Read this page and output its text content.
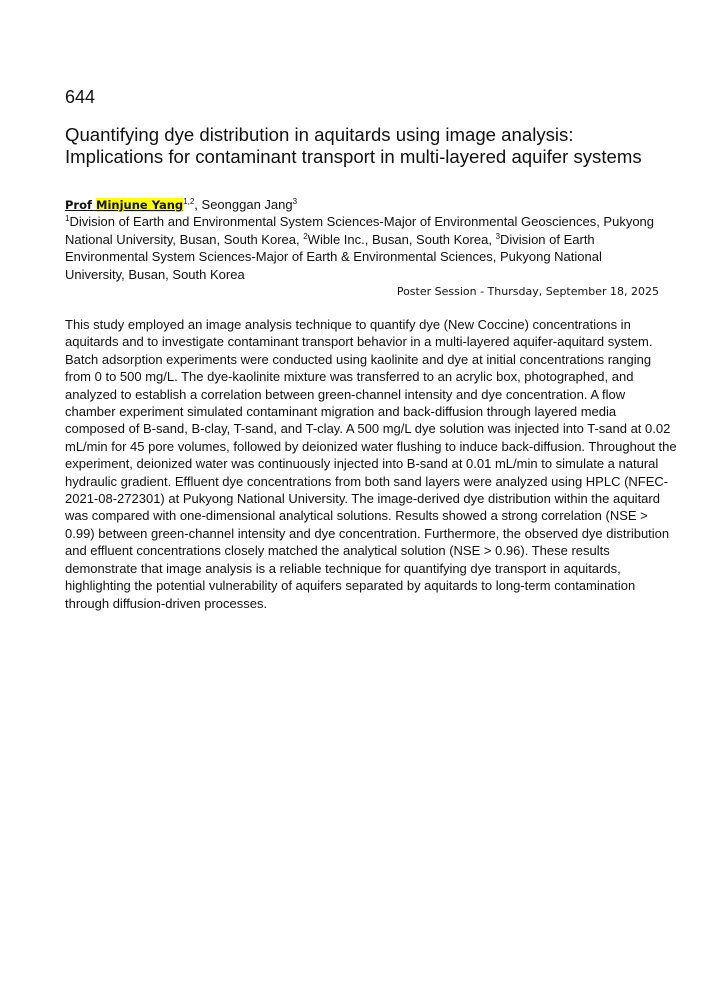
644
Quantifying dye distribution in aquitards using image analysis: Implications for contaminant transport in multi-layered aquifer systems
Prof Minjune Yang$^{1,2}$, Seonggan Jang$^3$
$^1$Division of Earth and Environmental System Sciences-Major of Environmental Geosciences, Pukyong National University, Busan, South Korea, $^2$Wible Inc., Busan, South Korea, $^3$Division of Earth Environmental System Sciences-Major of Earth & Environmental Sciences, Pukyong National University, Busan, South Korea
Poster Session - Thursday, September 18, 2025

This study employed an image analysis technique to quantify dye (New Coccine) concentrations in aquitards and to investigate contaminant transport behavior in a multi-layered aquifer-aquitard system. Batch adsorption experiments were conducted using kaolinite and dye at initial concentrations ranging from 0 to 500 mg/L. The dye-kaolinite mixture was transferred to an acrylic box, photographed, and analyzed to establish a correlation between green-channel intensity and dye concentration. A flow chamber experiment simulated contaminant migration and back-diffusion through layered media composed of B-sand, B-clay, T-sand, and T-clay. A 500 mg/L dye solution was injected into T-sand at 0.02 mL/min for 45 pore volumes, followed by deionized water flushing to induce back-diffusion. Throughout the experiment, deionized water was continuously injected into B-sand at 0.01 mL/min to simulate a natural hydraulic gradient. Effluent dye concentrations from both sand layers were analyzed using HPLC (NFEC-2021-08-272301) at Pukyong National University. The image-derived dye distribution within the aquitard was compared with one-dimensional analytical solutions. Results showed a strong correlation (NSE > 0.99) between green-channel intensity and dye concentration. Furthermore, the observed dye distribution and effluent concentrations closely matched the analytical solution (NSE > 0.96). These results demonstrate that image analysis is a reliable technique for quantifying dye transport in aquitards, highlighting the potential vulnerability of aquifers separated by aquitards to long-term contamination through diffusion-driven processes.
